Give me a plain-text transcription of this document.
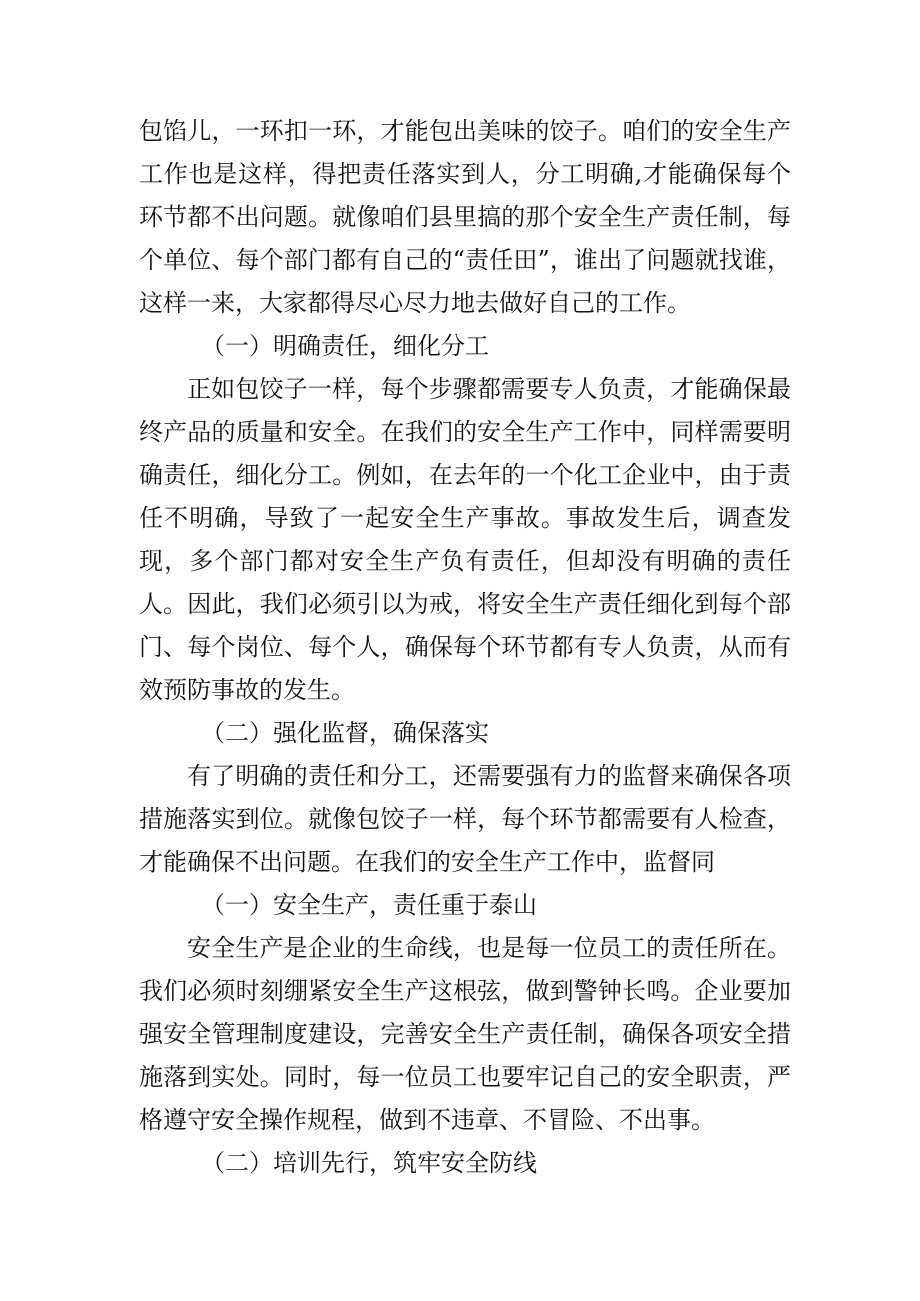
包馅儿，一环扣一环，才能包出美味的饺子。咱们的安全生产工作也是这样，得把责任落实到人，分工明确,才能确保每个环节都不出问题。就像咱们县里搞的那个安全生产责任制，每个单位、每个部门都有自己的“责任田”，谁出了问题就找谁，这样一来，大家都得尽心尽力地去做好自己的工作。

（一）明确责任，细化分工

正如包饺子一样，每个步骤都需要专人负责，才能确保最终产品的质量和安全。在我们的安全生产工作中，同样需要明确责任，细化分工。例如，在去年的一个化工企业中，由于责任不明确，导致了一起安全生产事故。事故发生后，调查发现，多个部门都对安全生产负有责任，但却没有明确的责任人。因此，我们必须引以为戒，将安全生产责任细化到每个部门、每个岗位、每个人，确保每个环节都有专人负责，从而有效预防事故的发生。

（二）强化监督，确保落实

有了明确的责任和分工，还需要强有力的监督来确保各项措施落实到位。就像包饺子一样，每个环节都需要有人检查，才能确保不出问题。在我们的安全生产工作中，监督同

（一）安全生产，责任重于泰山

安全生产是企业的生命线，也是每一位员工的责任所在。我们必须时刻绷紧安全生产这根弦，做到警钟长鸣。企业要加强安全管理制度建设，完善安全生产责任制，确保各项安全措施落到实处。同时，每一位员工也要牢记自己的安全职责，严格遵守安全操作规程，做到不违章、不冒险、不出事。

（二）培训先行，筑牢安全防线
